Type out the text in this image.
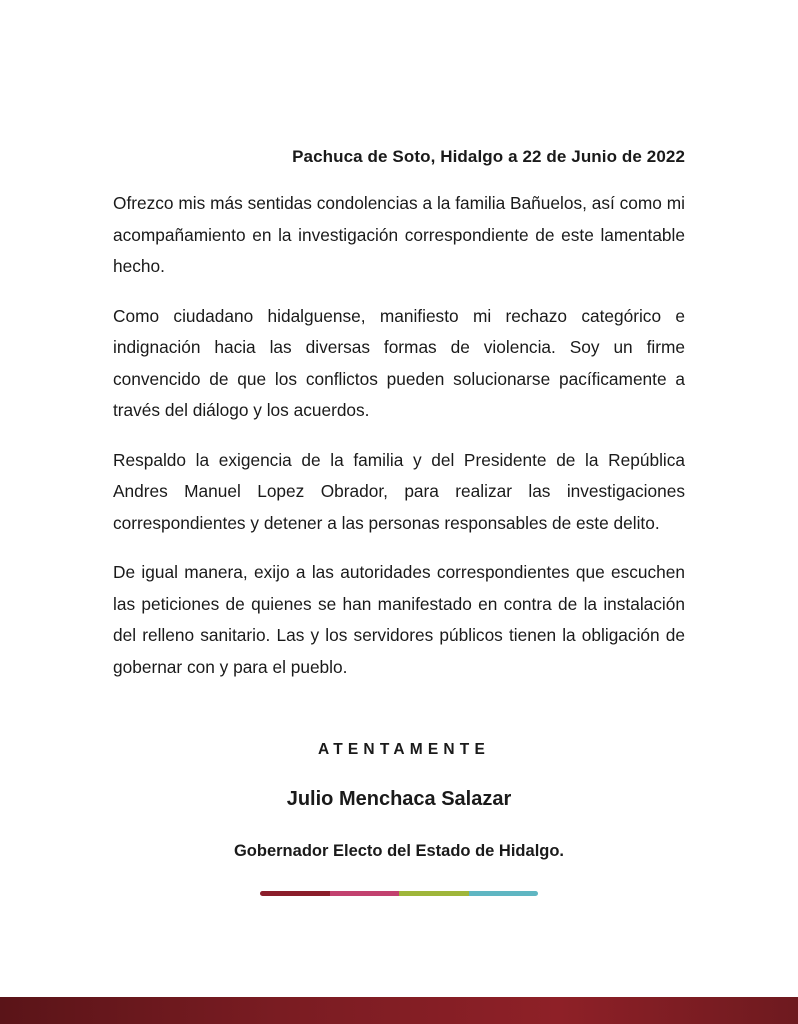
Pachuca de Soto, Hidalgo a 22 de Junio de 2022

Ofrezco mis más sentidas condolencias a la familia Bañuelos, así como mi acompañamiento en la investigación correspondiente de este lamentable hecho.

Como ciudadano hidalguense, manifiesto mi rechazo categórico e indignación hacia las diversas formas de violencia. Soy un firme convencido de que los conflictos pueden solucionarse pacíficamente a través del diálogo y los acuerdos.

Respaldo la exigencia de la familia y del Presidente de la República Andres Manuel Lopez Obrador, para realizar las investigaciones correspondientes y detener a las personas responsables de este delito.

De igual manera, exijo a las autoridades correspondientes que escuchen las peticiones de quienes se han manifestado en contra de la instalación del relleno sanitario. Las y los servidores públicos tienen la obligación de gobernar con y para el pueblo.

ATENTAMENTE
Julio Menchaca Salazar
Gobernador Electo del Estado de Hidalgo.
